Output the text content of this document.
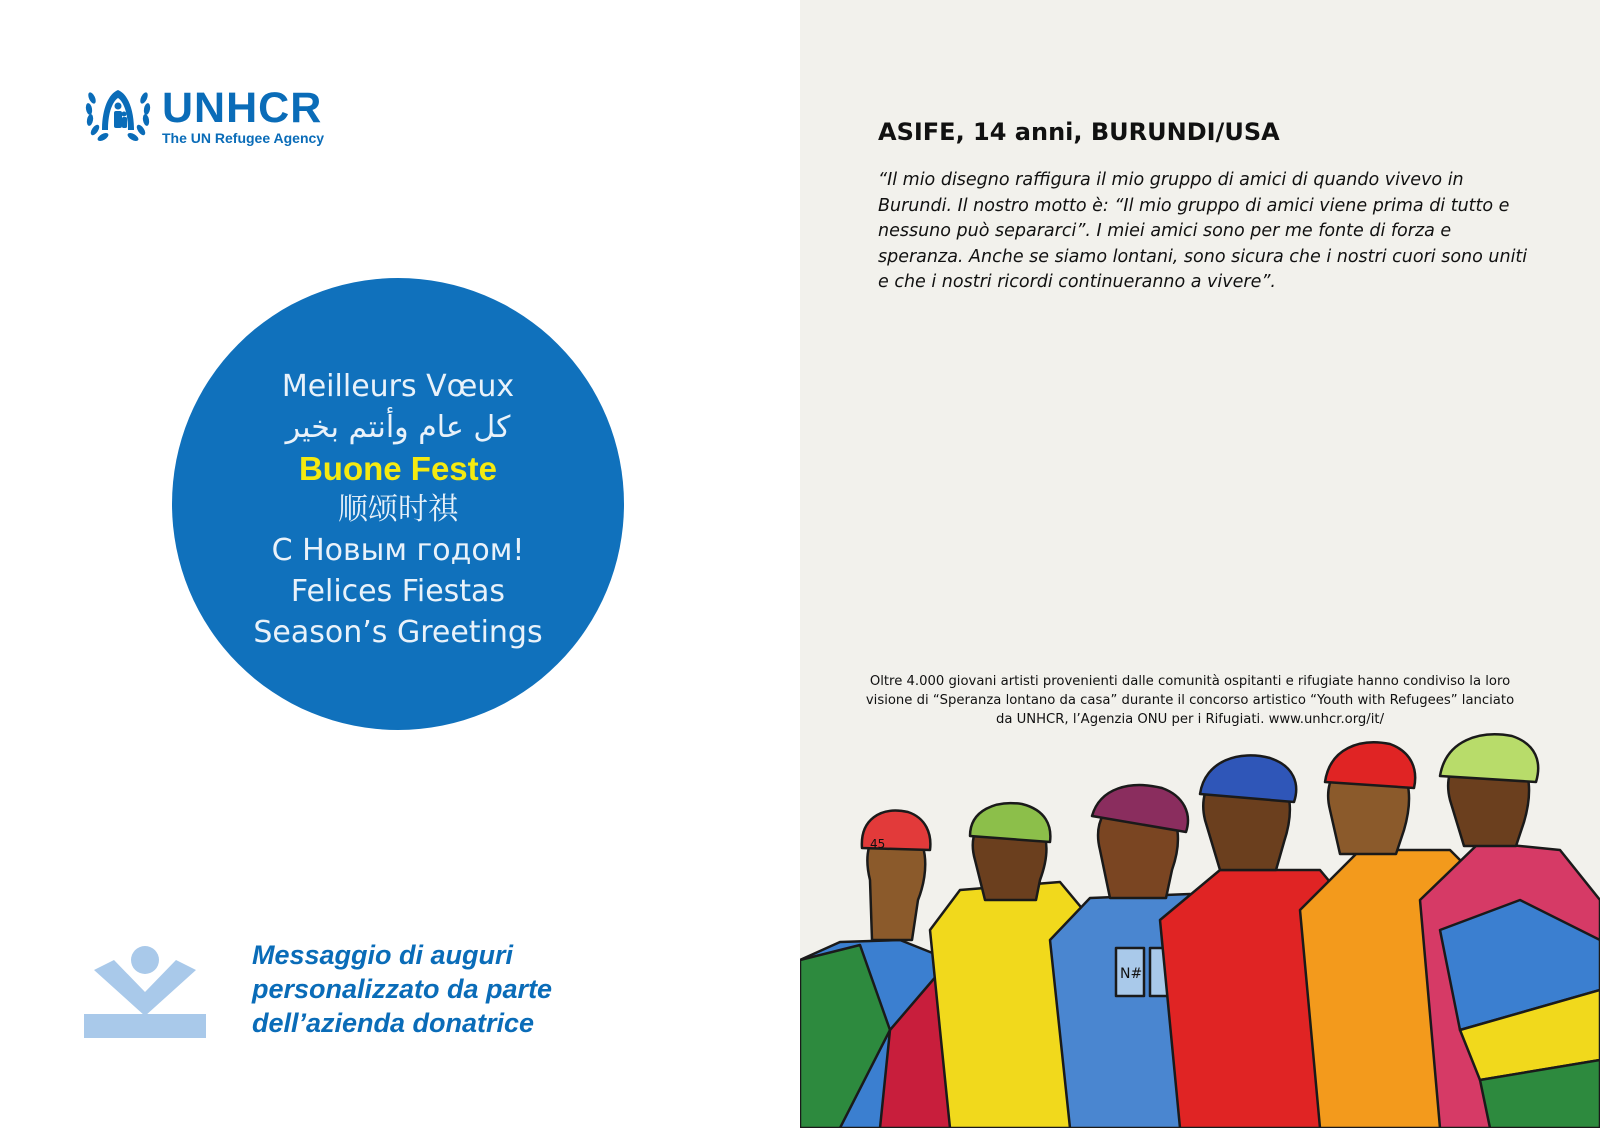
UNHCR
The UN Refugee Agency
Meilleurs Vœux
كل عام وأنتم بخير
Buone Feste
顺颂时祺
С Новым годом!
Felices Fiestas
Season’s Greetings
Messaggio di auguri personalizzato da parte dell’azienda donatrice
ASIFE, 14 anni, BURUNDI/USA
“Il mio disegno raffigura il mio gruppo di amici di quando vivevo in Burundi. Il nostro motto è: “Il mio gruppo di amici viene prima di tutto e nessuno può separarci”. I miei amici sono per me fonte di forza e speranza. Anche se siamo lontani, sono sicura che i nostri cuori sono uniti e che i nostri ricordi continueranno a vivere”.
Oltre 4.000 giovani artisti provenienti dalle comunità ospitanti e rifugiate hanno condiviso la loro visione di “Speranza lontano da casa” durante il concorso artistico “Youth with Refugees” lanciato da UNHCR, l’Agenzia ONU per i Rifugiati. www.unhcr.org/it/
45
N#
